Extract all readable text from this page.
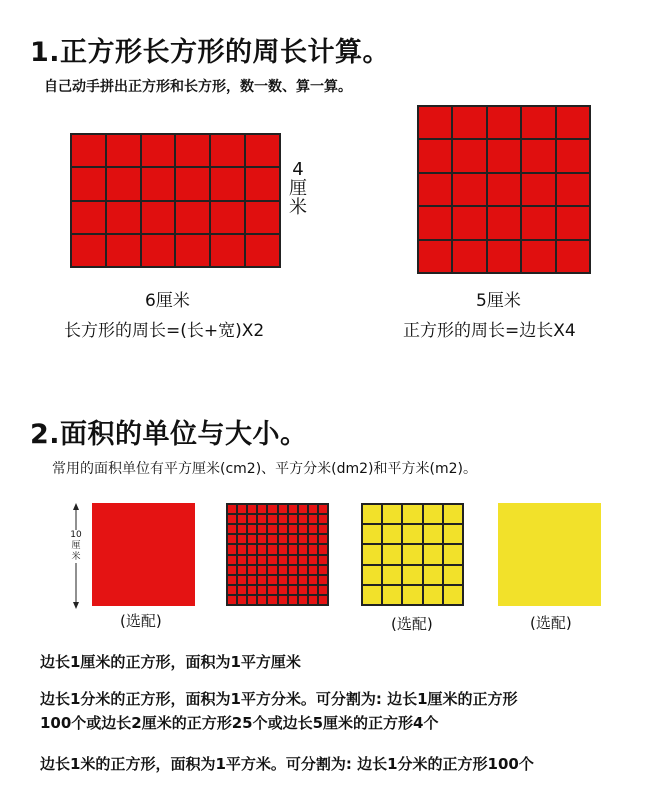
1.正方形长方形的周长计算。
自己动手拼出正方形和长方形，数一数、算一算。
4
厘
米
6厘米
长方形的周长=(长+宽)X2
5厘米
正方形的周长=边长X4
2.面积的单位与大小。
常用的面积单位有平方厘米(cm2)、平方分米(dm2)和平方米(m2)。
10
厘
米
(选配)	(选配)	(选配)
边长1厘米的正方形，面积为1平方厘米
边长1分米的正方形，面积为1平方分米。可分割为: 边长1厘米的正方形
100个或边长2厘米的正方形25个或边长5厘米的正方形4个
边长1米的正方形，面积为1平方米。可分割为: 边长1分米的正方形100个
